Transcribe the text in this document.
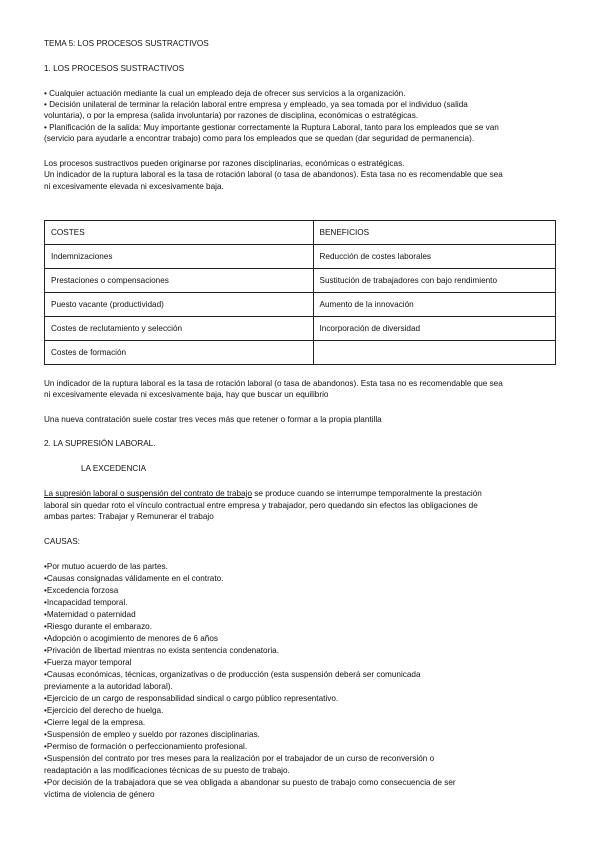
TEMA 5: LOS PROCESOS SUSTRACTIVOS
1. LOS PROCESOS SUSTRACTIVOS
• Cualquier actuación mediante la cual un empleado deja de ofrecer sus servicios a la organización.
• Decisión unilateral de terminar la relación laboral entre empresa y empleado, ya sea tomada por el individuo (salida
voluntaria), o por la empresa (salida involuntaria) por razones de disciplina, económicas o estratégicas.
• Planificación de la salida: Muy importante gestionar correctamente la Ruptura Laboral, tanto para los empleados que se van
(servicio para ayudarle a encontrar trabajo) como para los empleados que se quedan (dar seguridad de permanencia).
Los procesos sustractivos pueden originarse por razones disciplinarias, económicas o estratégicas.
Un indicador de la ruptura laboral es la tasa de rotación laboral (o tasa de abandonos). Esta tasa no es recomendable que sea
ni excesivamente elevada ni excesivamente baja.
COSTES	BENEFICIOS
Indemnizaciones	Reducción de costes laborales
Prestaciones o compensaciones	Sustitución de trabajadores con bajo rendimiento
Puesto vacante (productividad)	Aumento de la innovación
Costes de reclutamiento y selección	Incorporación de diversidad
Costes de formación	
Un indicador de la ruptura laboral es la tasa de rotación laboral (o tasa de abandonos). Esta tasa no es recomendable que sea
ni excesivamente elevada ni excesivamente baja, hay que buscar un equilibrio
Una nueva contratación suele costar tres veces más que retener o formar a la propia plantilla
2. LA SUPRESIÓN LABORAL.
LA EXCEDENCIA
La supresión laboral o suspensión del contrato de trabajo se produce cuando se interrumpe temporalmente la prestación
laboral sin quedar roto el vínculo contractual entre empresa y trabajador, pero quedando sin efectos las obligaciones de
ambas partes: Trabajar y Remunerar el trabajo
CAUSAS:
•Por mutuo acuerdo de las partes.
•Causas consignadas válidamente en el contrato.
•Excedencia forzosa
•Incapacidad temporal.
•Maternidad o paternidad
•Riesgo durante el embarazo.
•Adopción o acogimiento de menores de 6 años
•Privación de libertad mientras no exista sentencia condenatoria.
•Fuerza mayor temporal
•Causas económicas, técnicas, organizativas o de producción (esta suspensión deberá ser comunicada
previamente a la autoridad laboral).
•Ejercicio de un cargo de responsabilidad sindical o cargo público representativo.
•Ejercicio del derecho de huelga.
•Cierre legal de la empresa.
•Suspensión de empleo y sueldo por razones disciplinarias.
•Permiso de formación o perfeccionamiento profesional.
•Suspensión del contrato por tres meses para la realización por el trabajador de un curso de reconversión o
readaptación a las modificaciones técnicas de su puesto de trabajo.
•Por decisión de la trabajadora que se vea obligada a abandonar su puesto de trabajo como consecuencia de ser
víctima de violencia de género
